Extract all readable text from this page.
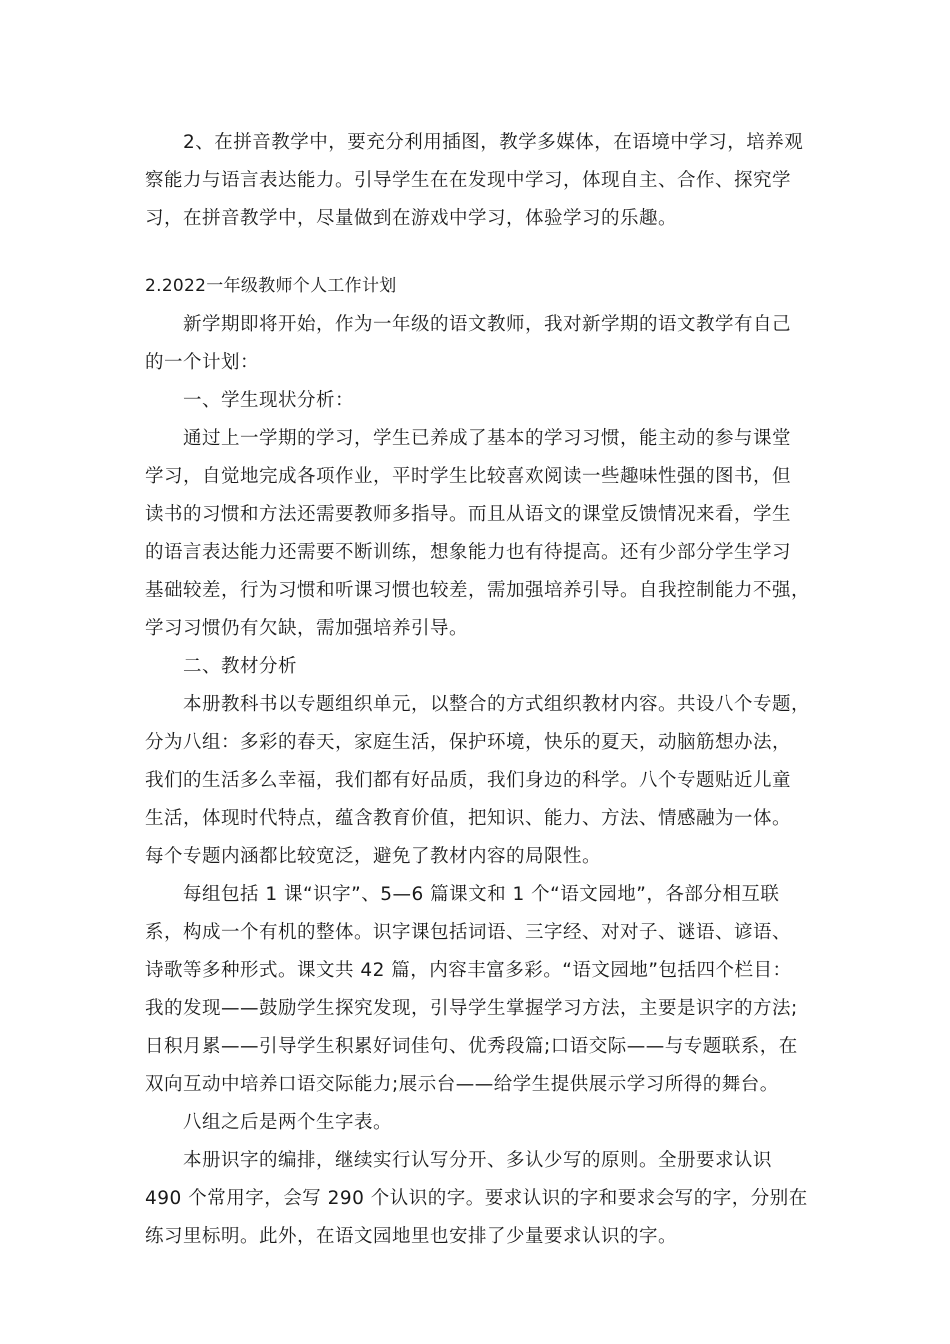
2、在拼音教学中，要充分利用插图，教学多媒体，在语境中学习，培养观
察能力与语言表达能力。引导学生在在发现中学习，体现自主、合作、探究学
习，在拼音教学中，尽量做到在游戏中学习，体验学习的乐趣。

2.2022一年级教师个人工作计划

新学期即将开始，作为一年级的语文教师，我对新学期的语文教学有自己
的一个计划：

一、学生现状分析：

通过上一学期的学习，学生已养成了基本的学习习惯，能主动的参与课堂
学习，自觉地完成各项作业，平时学生比较喜欢阅读一些趣味性强的图书，但
读书的习惯和方法还需要教师多指导。而且从语文的课堂反馈情况来看，学生
的语言表达能力还需要不断训练，想象能力也有待提高。还有少部分学生学习
基础较差，行为习惯和听课习惯也较差，需加强培养引导。自我控制能力不强，
学习习惯仍有欠缺，需加强培养引导。

二、教材分析

本册教科书以专题组织单元，以整合的方式组织教材内容。共设八个专题，
分为八组：多彩的春天，家庭生活，保护环境，快乐的夏天，动脑筋想办法，
我们的生活多么幸福，我们都有好品质，我们身边的科学。八个专题贴近儿童
生活，体现时代特点，蕴含教育价值，把知识、能力、方法、情感融为一体。
每个专题内涵都比较宽泛，避免了教材内容的局限性。

每组包括 1 课“识字”、5—6 篇课文和 1 个“语文园地”，各部分相互联
系，构成一个有机的整体。识字课包括词语、三字经、对对子、谜语、谚语、
诗歌等多种形式。课文共 42 篇，内容丰富多彩。“语文园地”包括四个栏目：
我的发现——鼓励学生探究发现，引导学生掌握学习方法，主要是识字的方法;
日积月累——引导学生积累好词佳句、优秀段篇;口语交际——与专题联系，在
双向互动中培养口语交际能力;展示台——给学生提供展示学习所得的舞台。

八组之后是两个生字表。

本册识字的编排，继续实行认写分开、多认少写的原则。全册要求认识
490 个常用字，会写 290 个认识的字。要求认识的字和要求会写的字，分别在
练习里标明。此外，在语文园地里也安排了少量要求认识的字。
